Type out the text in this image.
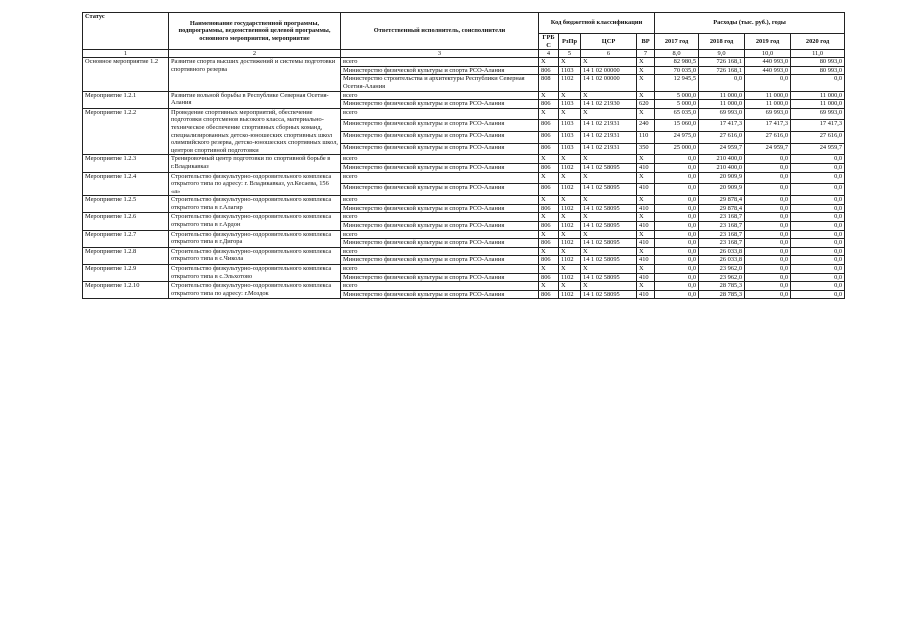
Статус	Наименование государственной программы, подпрограммы, ведомственной целевой программы, основного мероприятия, мероприятие	Ответственный исполнитель, соисполнители	Код бюджетной классификации				Расходы (тыс. руб.), годы			
			ГРБС	РзПр	ЦСР	ВР	2017 год	2018 год	2019 год	2020 год
1	2	3	4	5	6	7	8,0	9,0	10,0	11,0
Основное мероприятие 1.2	Развитие спорта высших достижений и системы подготовки спортивного резерва	всего	X	X	X	X	82 980,5	726 168,1	440 993,0	80 993,0
		Министерство физической культуры и спорта РСО-Алания	806	1103	14 1 02 00000	X	70 035,0	726 168,1	440 993,0	80 993,0
		Министерство строительства и архитектуры Республики Северная Осетия-Алания	808	1102	14 1 02 00000	X	12 945,5	0,0	0,0	0,0
Мероприятие 1.2.1	Развитие вольной борьбы в Республике Северная Осетия-Алания	всего	X	X	X	X	5 000,0	11 000,0	11 000,0	11 000,0
		Министерство физической культуры и спорта РСО-Алания	806	1103	14 1 02 21930	620	5 000,0	11 000,0	11 000,0	11 000,0
Мероприятие 1.2.2	Проведение спортивных мероприятий, обеспечение подготовки спортсменов высокого класса, материально-техническое обеспечение спортивных сборных команд, специализированных детско-юношеских спортивных школ олимпийского резерва, детско-юношеских спортивных школ, центров спортивной подготовки	всего	X	X	X	X	65 035,0	69 993,0	69 993,0	69 993,0
		Министерство физической культуры и спорта РСО-Алания	806	1103	14 1 02 21931	240	15 060,0	17 417,3	17 417,3	17 417,3
		Министерство физической культуры и спорта РСО-Алания	806	1103	14 1 02 21931	110	24 975,0	27 616,0	27 616,0	27 616,0
		Министерство физической культуры и спорта РСО-Алания	806	1103	14 1 02 21931	350	25 000,0	24 959,7	24 959,7	24 959,7
Мероприятие 1.2.3	Тренировочный центр подготовки по спортивной борьбе в г.Владикавказ	всего	X	X	X	X	0,0	210 400,0	0,0	0,0
		Министерство физической культуры и спорта РСО-Алания	806	1102	14 1 02 58095	410	0,0	210 400,0	0,0	0,0
Мероприятие 1.2.4	Строительство физкультурно-оздоровительного комплекса открытого типа по адресу: г. Владикавказ, ул.Кесаева, 156 «а»	всего	X	X	X	X	0,0	20 909,9	0,0	0,0
		Министерство физической культуры и спорта РСО-Алания	806	1102	14 1 02 58095	410	0,0	20 909,9	0,0	0,0
Мероприятие 1.2.5	Строительство физкультурно-оздоровительного комплекса открытого типа в г.Алагир	всего	X	X	X	X	0,0	29 878,4	0,0	0,0
		Министерство физической культуры и спорта РСО-Алания	806	1102	14 1 02 58095	410	0,0	29 878,4	0,0	0,0
Мероприятие 1.2.6	Строительство физкультурно-оздоровительного комплекса открытого типа в г.Ардон	всего	X	X	X	X	0,0	23 168,7	0,0	0,0
		Министерство физической культуры и спорта РСО-Алания	806	1102	14 1 02 58095	410	0,0	23 168,7	0,0	0,0
Мероприятие 1.2.7	Строительство физкультурно-оздоровительного комплекса открытого типа в г.Дигора	всего	X	X	X	X	0,0	23 168,7	0,0	0,0
		Министерство физической культуры и спорта РСО-Алания	806	1102	14 1 02 58095	410	0,0	23 168,7	0,0	0,0
Мероприятие 1.2.8	Строительство физкультурно-оздоровительного комплекса открытого типа в с.Чикола	всего	X	X	X	X	0,0	26 033,8	0,0	0,0
		Министерство физической культуры и спорта РСО-Алания	806	1102	14 1 02 58095	410	0,0	26 033,8	0,0	0,0
Мероприятие 1.2.9	Строительство физкультурно-оздоровительного комплекса открытого типа в с.Эльхотово	всего	X	X	X	X	0,0	23 962,0	0,0	0,0
		Министерство физической культуры и спорта РСО-Алания	806	1102	14 1 02 58095	410	0,0	23 962,0	0,0	0,0
Мероприятие 1.2.10	Строительство физкультурно-оздоровительного комплекса открытого типа по адресу: г.Моздок	всего	X	X	X	X	0,0	28 785,3	0,0	0,0
		Министерство физической культуры и спорта РСО-Алания	806	1102	14 1 02 58095	410	0,0	28 785,3	0,0	0,0
